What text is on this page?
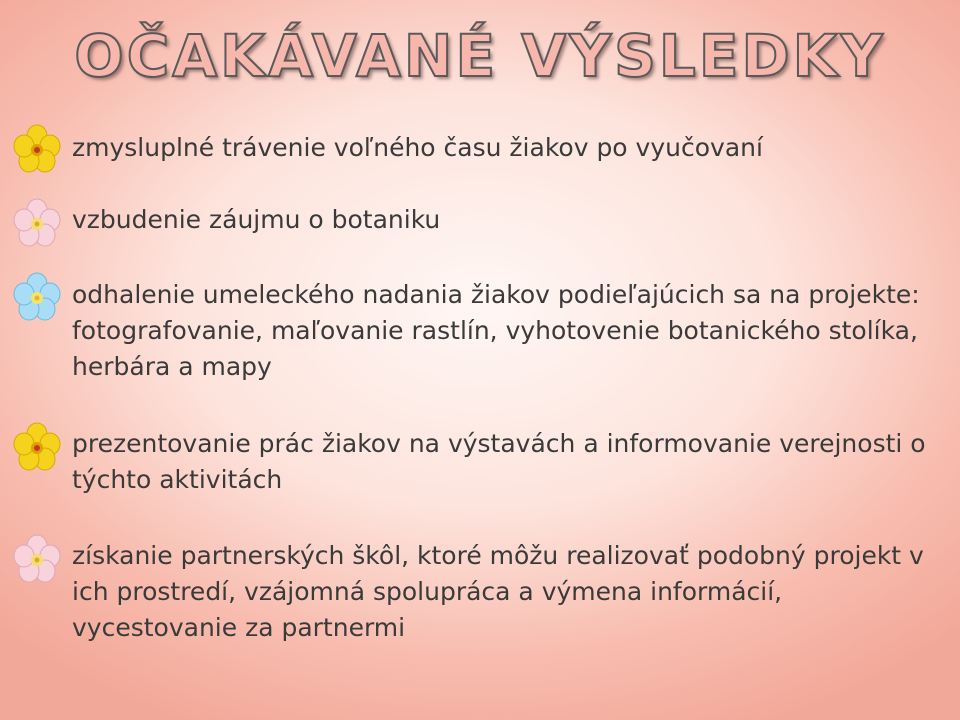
OČAKÁVANÉ VÝSLEDKY
zmysluplné trávenie voľného času žiakov po vyučovaní
vzbudenie záujmu o botaniku
odhalenie umeleckého nadania žiakov podieľajúcich sa na projekte: fotografovanie, maľovanie rastlín, vyhotovenie botanického stolíka, herbára a mapy
prezentovanie prác žiakov na výstavách a informovanie verejnosti o týchto aktivitách
získanie partnerských škôl, ktoré môžu realizovať podobný projekt v ich prostredí, vzájomná spolupráca a výmena informácií, vycestovanie za partnermi
